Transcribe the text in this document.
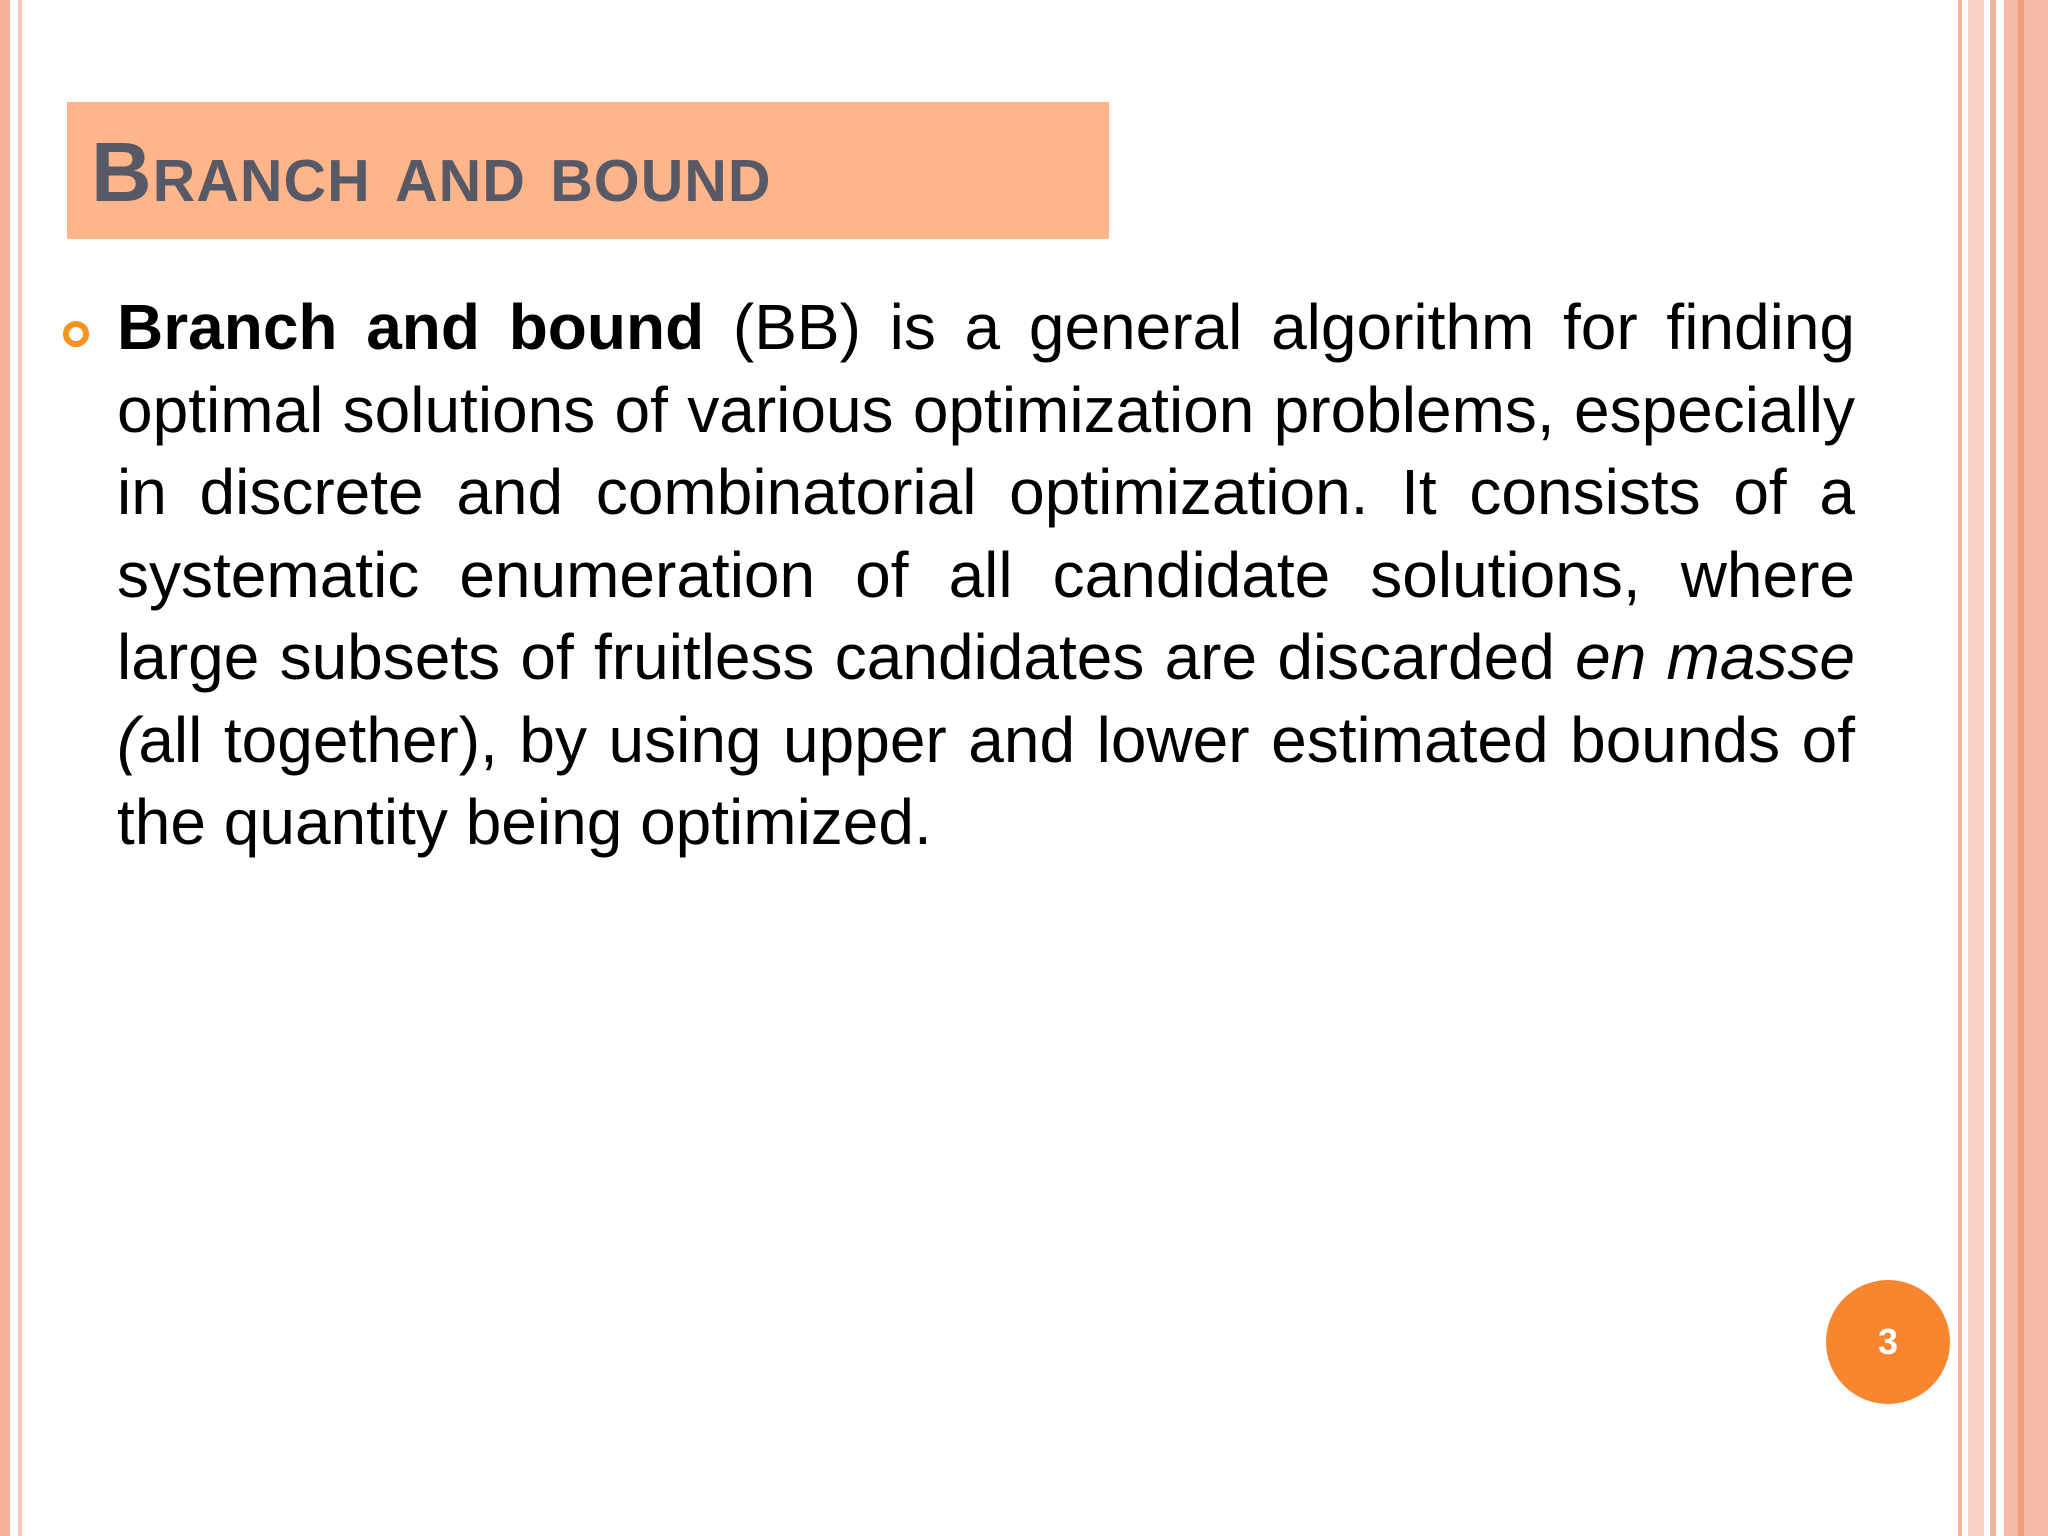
Branch and bound
Branch and bound (BB) is a general algorithm for finding optimal solutions of various optimization problems, especially in discrete and combinatorial optimization. It consists of a systematic enumeration of all candidate solutions, where large subsets of fruitless candidates are discarded en masse (all together), by using upper and lower estimated bounds of the quantity being optimized.
3
